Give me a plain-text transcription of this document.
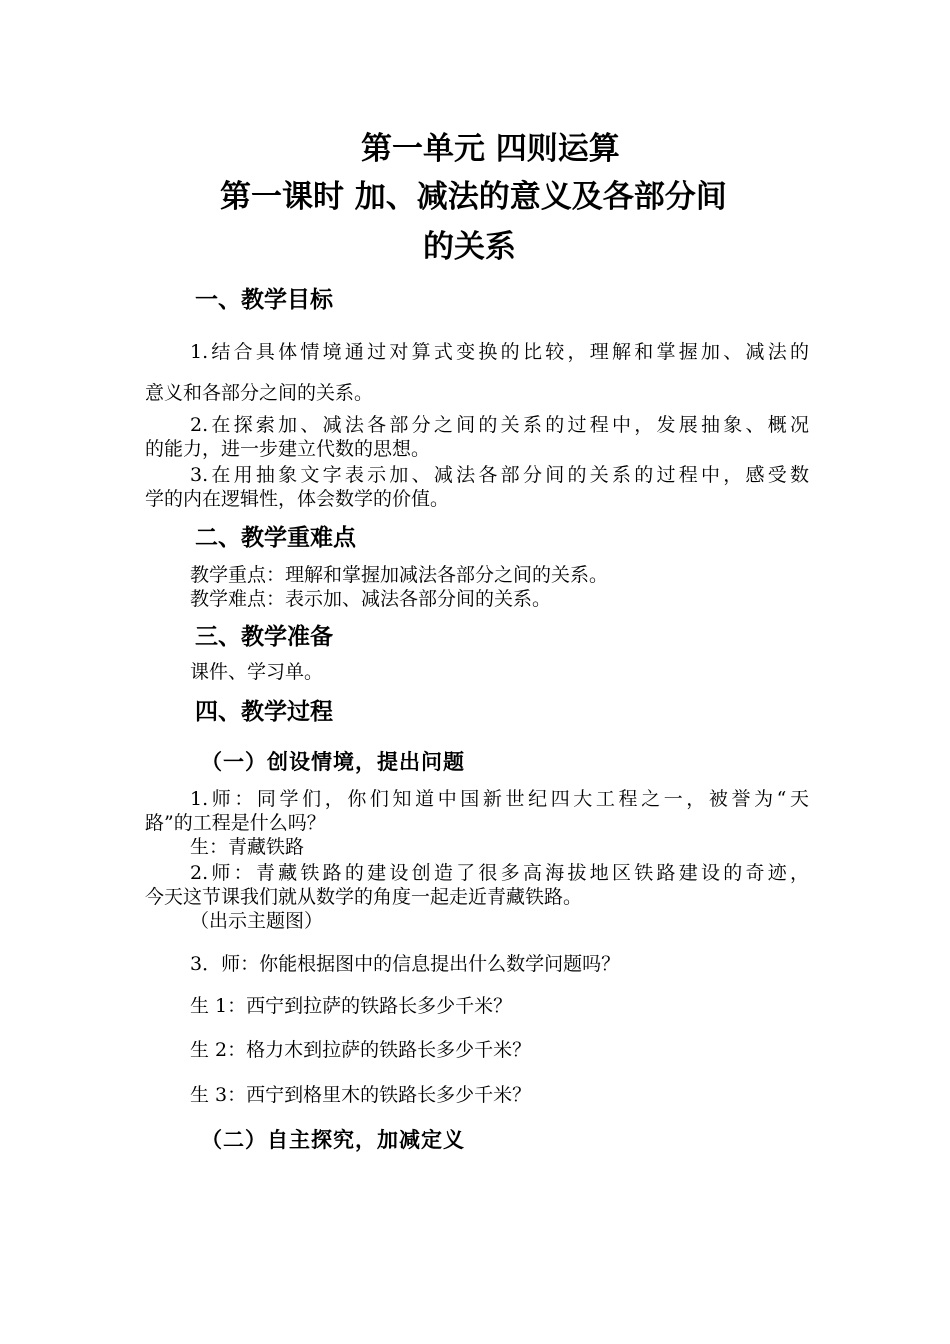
第一单元 四则运算
第一课时 加、减法的意义及各部分间
的关系
一、教学目标
1.结合具体情境通过对算式变换的比较，理解和掌握加、减法的
意义和各部分之间的关系。
2.在探索加、减法各部分之间的关系的过程中，发展抽象、概况
的能力，进一步建立代数的思想。
3.在用抽象文字表示加、减法各部分间的关系的过程中，感受数
学的内在逻辑性，体会数学的价值。
二、教学重难点
教学重点：理解和掌握加减法各部分之间的关系。
教学难点：表示加、减法各部分间的关系。
三、教学准备
课件、学习单。
四、教学过程
（一）创设情境，提出问题
1.师：同学们，你们知道中国新世纪四大工程之一，被誉为“天
路”的工程是什么吗？
生：青藏铁路
2.师：青藏铁路的建设创造了很多高海拔地区铁路建设的奇迹，
今天这节课我们就从数学的角度一起走近青藏铁路。
（出示主题图）
3．师：你能根据图中的信息提出什么数学问题吗？
生 1：西宁到拉萨的铁路长多少千米？
生 2：格力木到拉萨的铁路长多少千米？
生 3：西宁到格里木的铁路长多少千米？
（二）自主探究，加减定义
